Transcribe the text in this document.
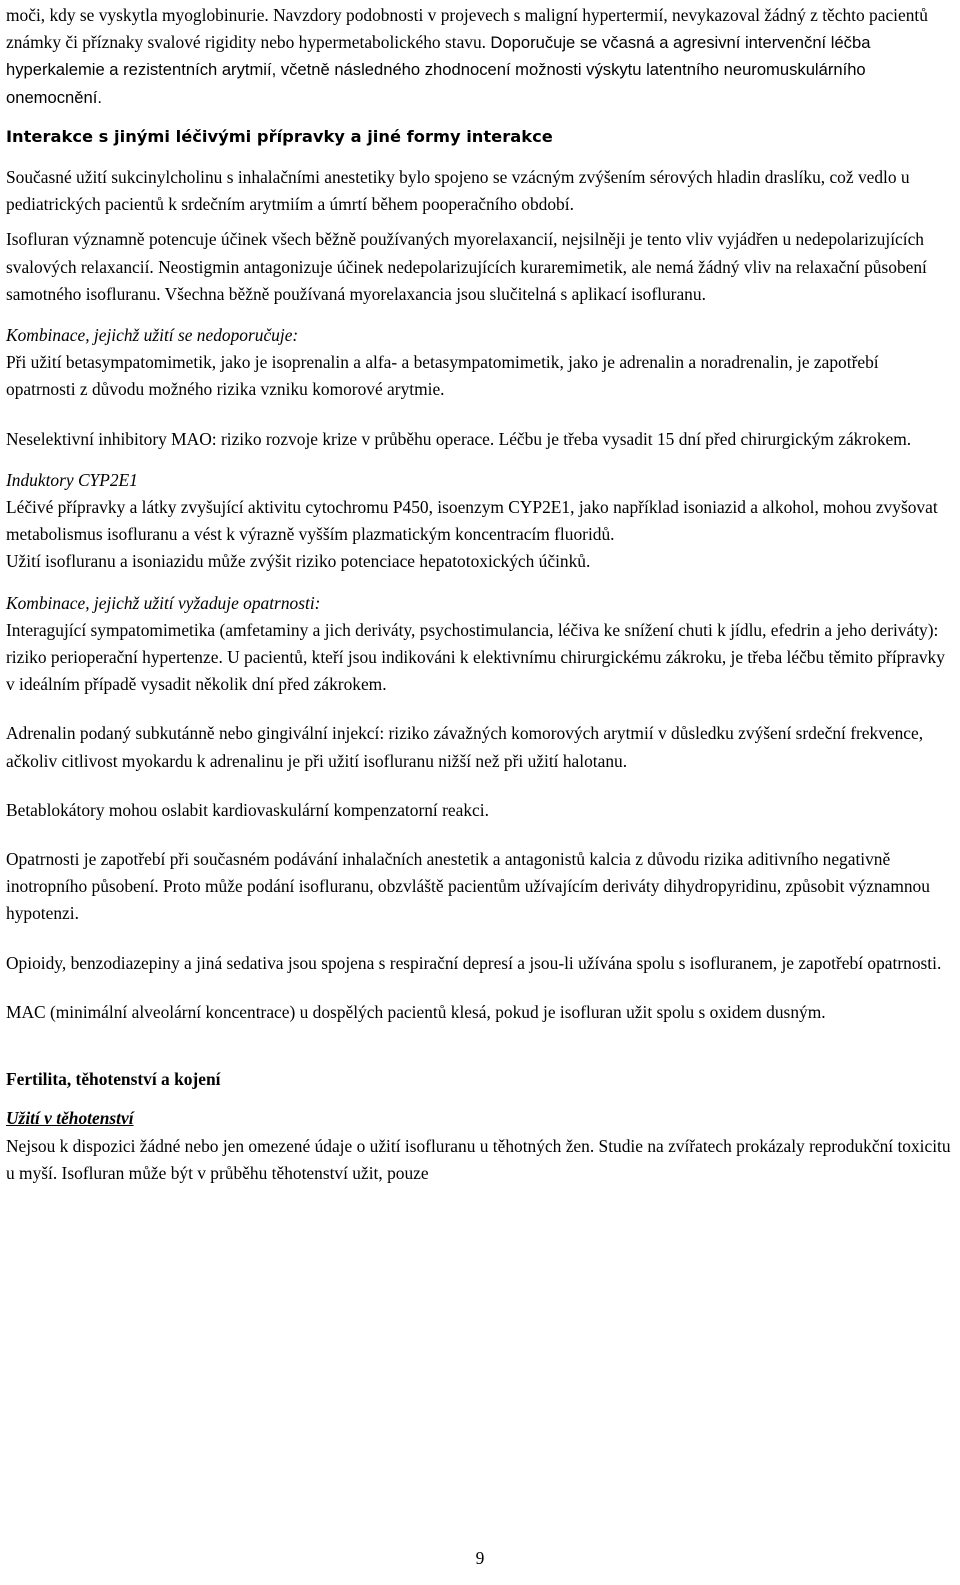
moči, kdy se vyskytla myoglobinurie. Navzdory podobnosti v projevech s maligní hypertermií, nevykazoval žádný z těchto pacientů známky či příznaky svalové rigidity nebo hypermetabolického stavu. Doporučuje se včasná a agresivní intervenční léčba hyperkalemie a rezistentních arytmií, včetně následného zhodnocení možnosti výskytu latentního neuromuskulárního onemocnění.

Interakce s jinými léčivými přípravky a jiné formy interakce

Současné užití sukcinylcholinu s inhalačními anestetiky bylo spojeno se vzácným zvýšením sérových hladin draslíku, což vedlo u pediatrických pacientů k srdečním arytmiím a úmrtí během pooperačního období.

Isofluran významně potencuje účinek všech běžně používaných myorelaxancií, nejsilněji je tento vliv vyjádřen u nedepolarizujících svalových relaxancií. Neostigmin antagonizuje účinek nedepolarizujících kuraremimetik, ale nemá žádný vliv na relaxační působení samotného isofluranu. Všechna běžně používaná myorelaxancia jsou slučitelná s aplikací isofluranu.

Kombinace, jejichž užití se nedoporučuje:

Při užití betasympatomimetik, jako je isoprenalin a alfa- a betasympatomimetik, jako je adrenalin a noradrenalin, je zapotřebí opatrnosti z důvodu možného rizika vzniku komorové arytmie.

Neselektivní inhibitory MAO: riziko rozvoje krize v průběhu operace. Léčbu je třeba vysadit 15 dní před chirurgickým zákrokem.

Induktory CYP2E1

Léčivé přípravky a látky zvyšující aktivitu cytochromu P450, isoenzym CYP2E1, jako například isoniazid a alkohol, mohou zvyšovat metabolismus isofluranu a vést k výrazně vyšším plazmatickým koncentracím fluoridů.

Užití isofluranu a isoniazidu může zvýšit riziko potenciace hepatotoxických účinků.

Kombinace, jejichž užití vyžaduje opatrnosti:

Interagující sympatomimetika (amfetaminy a jich deriváty, psychostimulancia, léčiva ke snížení chuti k jídlu, efedrin a jeho deriváty): riziko perioperační hypertenze. U pacientů, kteří jsou indikováni k elektivnímu chirurgickému zákroku, je třeba léčbu těmito přípravky v ideálním případě vysadit několik dní před zákrokem.

Adrenalin podaný subkutánně nebo gingivální injekcí: riziko závažných komorových arytmií v důsledku zvýšení srdeční frekvence, ačkoliv citlivost myokardu k adrenalinu je při užití isofluranu nižší než při užití halotanu.

Betablokátory mohou oslabit kardiovaskulární kompenzatorní reakci.

Opatrnosti je zapotřebí při současném podávání inhalačních anestetik a antagonistů kalcia z důvodu rizika aditivního negativně inotropního působení. Proto může podání isofluranu, obzvláště pacientům užívajícím deriváty dihydropyridinu, způsobit významnou hypotenzi.

Opioidy, benzodiazepiny a jiná sedativa jsou spojena s respirační depresí a jsou-li užívána spolu s isofluranem, je zapotřebí opatrnosti.

MAC (minimální alveolární koncentrace) u dospělých pacientů klesá, pokud je isofluran užit spolu s oxidem dusným.

Fertilita, těhotenství a kojení

Užití v těhotenství

Nejsou k dispozici žádné nebo jen omezené údaje o užití isofluranu u těhotných žen. Studie na zvířatech prokázaly reprodukční toxicitu u myší. Isofluran může být v průběhu těhotenství užit, pouze

9
